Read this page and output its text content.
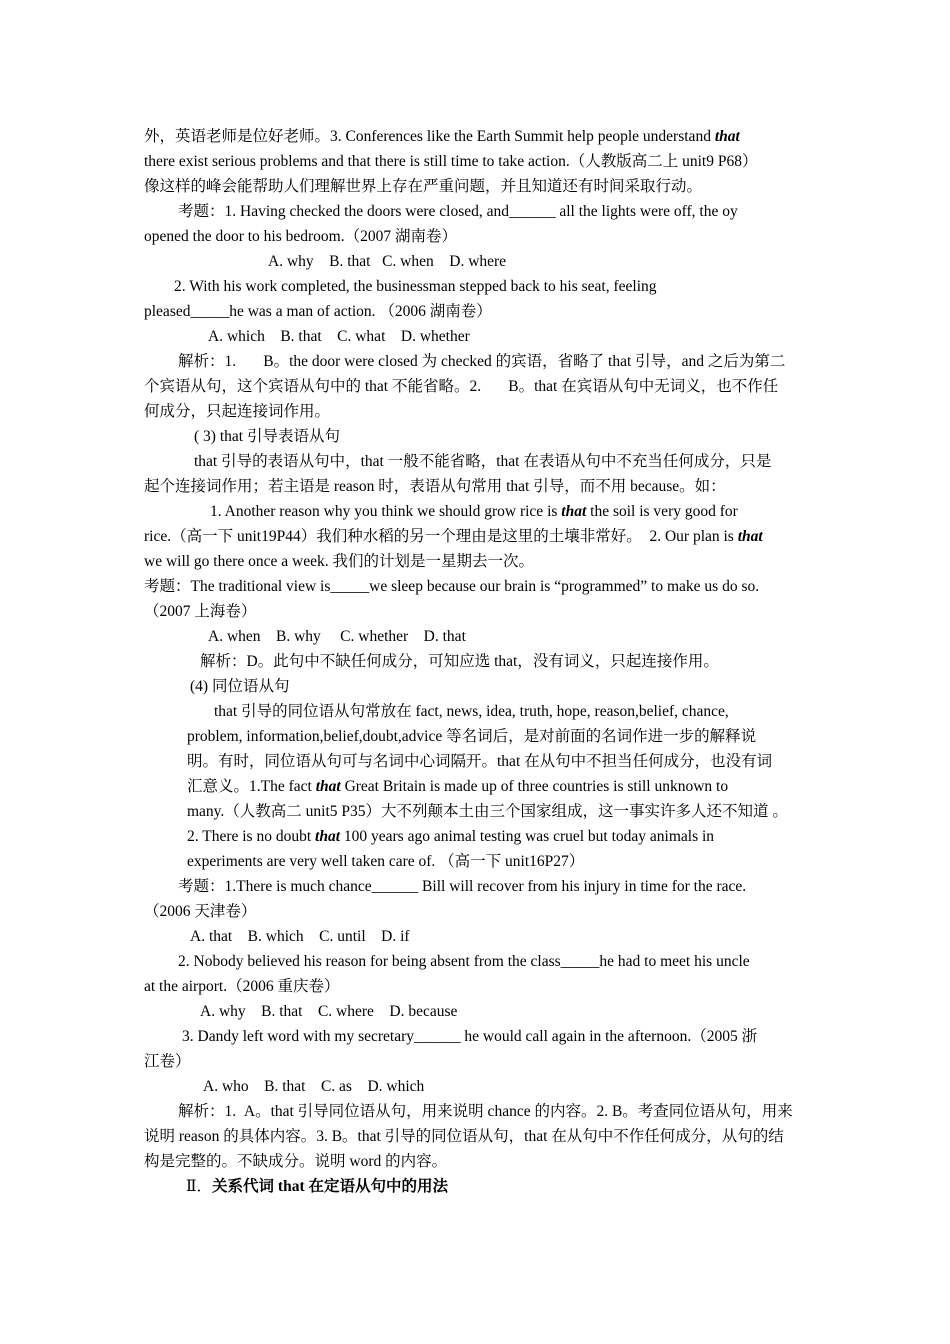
外，英语老师是位好老师。3. Conferences like the Earth Summit help people understand that
there exist serious problems and that there is still time to take action.（人教版高二上 unit9 P68）
像这样的峰会能帮助人们理解世界上存在严重问题，并且知道还有时间采取行动。
考题：1. Having checked the doors were closed, and______ all the lights were off, the oy
opened the door to his bedroom.（2007 湖南卷）
A. why    B. that   C. when    D. where
2. With his work completed, the businessman stepped back to his seat, feeling
pleased_____he was a man of action. （2006 湖南卷）
A. which    B. that    C. what    D. whether
解析：1.       B。the door were closed 为 checked 的宾语，省略了 that 引导，and 之后为第二
个宾语从句，这个宾语从句中的 that 不能省略。2.       B。that 在宾语从句中无词义，也不作任
何成分，只起连接词作用。
( 3) that 引导表语从句
that 引导的表语从句中，that 一般不能省略，that 在表语从句中不充当任何成分，只是
起个连接词作用；若主语是 reason 时，表语从句常用 that 引导，而不用 because。如：
1. Another reason why you think we should grow rice is that the soil is very good for
rice.（高一下 unit19P44）我们种水稻的另一个理由是这里的土壤非常好。  2. Our plan is that
we will go there once a week. 我们的计划是一星期去一次。
考题：The traditional view is_____we sleep because our brain is “programmed” to make us do so.
（2007 上海卷）
A. when    B. why     C. whether    D. that
解析：D。此句中不缺任何成分，可知应选 that，没有词义，只起连接作用。
(4) 同位语从句
that 引导的同位语从句常放在 fact, news, idea, truth, hope, reason,belief, chance,
problem, information,belief,doubt,advice 等名词后，是对前面的名词作进一步的解释说
明。有时，同位语从句可与名词中心词隔开。that 在从句中不担当任何成分，也没有词
汇意义。1.The fact that Great Britain is made up of three countries is still unknown to
many.（人教高二 unit5 P35）大不列颠本土由三个国家组成，这一事实许多人还不知道 。
2. There is no doubt that 100 years ago animal testing was cruel but today animals in
experiments are very well taken care of. （高一下 unit16P27）
考题：1.There is much chance______ Bill will recover from his injury in time for the race.
（2006 天津卷）
A. that    B. which    C. until    D. if
2. Nobody believed his reason for being absent from the class_____he had to meet his uncle
at the airport.（2006 重庆卷）
A. why    B. that    C. where    D. because
3. Dandy left word with my secretary______ he would call again in the afternoon.（2005 浙
江卷）
A. who    B. that    C. as    D. which
解析：1.  A。that 引导同位语从句，用来说明 chance 的内容。2. B。考查同位语从句，用来
说明 reason 的具体内容。3. B。that 引导的同位语从句，that 在从句中不作任何成分，从句的结
构是完整的。不缺成分。说明 word 的内容。
Ⅱ．关系代词 that 在定语从句中的用法
